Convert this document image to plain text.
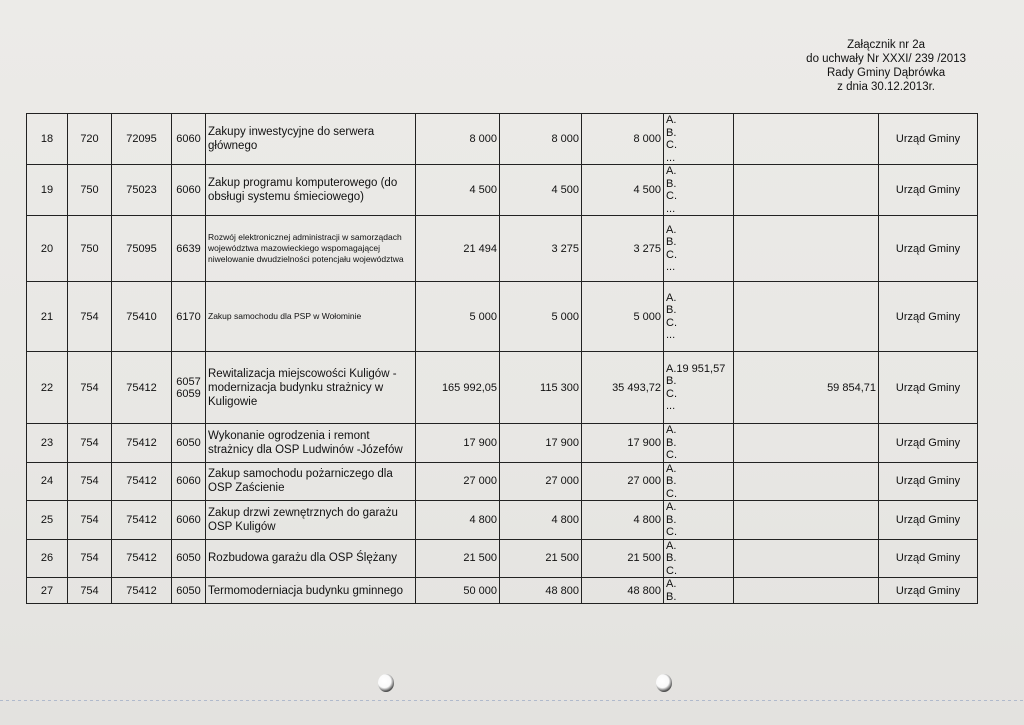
Załącznik nr 2a
do uchwały Nr XXXI/ 239 /2013
Rady Gminy Dąbrówka
z dnia 30.12.2013r.
18	720	72095	6060	Zakupy inwestycyjne do serwera głównego	8 000	8 000	8 000	A.
B.
C.
...		Urząd Gminy
19	750	75023	6060	Zakup programu komputerowego (do obsługi systemu śmieciowego)	4 500	4 500	4 500	A.
B.
C.
...		Urząd Gminy
20	750	75095	6639	Rozwój elektronicznej administracji w samorządach województwa mazowieckiego wspomagającej niwelowanie dwudzielności potencjału województwa	21 494	3 275	3 275	A.
B.
C.
...		Urząd Gminy
21	754	75410	6170	Zakup samochodu dla PSP w Wołominie	5 000	5 000	5 000	A.
B.
C.
...		Urząd Gminy
22	754	75412	6057 6059	Rewitalizacja miejscowości Kuligów - modernizacja budynku strażnicy w Kuligowie	165 992,05	115 300	35 493,72	A.19 951,57
B.
C.
...	59 854,71	Urząd Gminy
23	754	75412	6050	Wykonanie ogrodzenia i remont strażnicy dla OSP Ludwinów -Józefów	17 900	17 900	17 900	A.
B.
C.		Urząd Gminy
24	754	75412	6060	Zakup samochodu pożarniczego dla OSP Zaścienie	27 000	27 000	27 000	A.
B.
C.		Urząd Gminy
25	754	75412	6060	Zakup drzwi zewnętrznych do garażu OSP Kuligów	4 800	4 800	4 800	A.
B.
C.		Urząd Gminy
26	754	75412	6050	Rozbudowa garażu dla OSP Ślężany	21 500	21 500	21 500	A.
B.
C.		Urząd Gminy
27	754	75412	6050	Termomoderniacja budynku gminnego	50 000	48 800	48 800	A.
B.		Urząd Gminy
